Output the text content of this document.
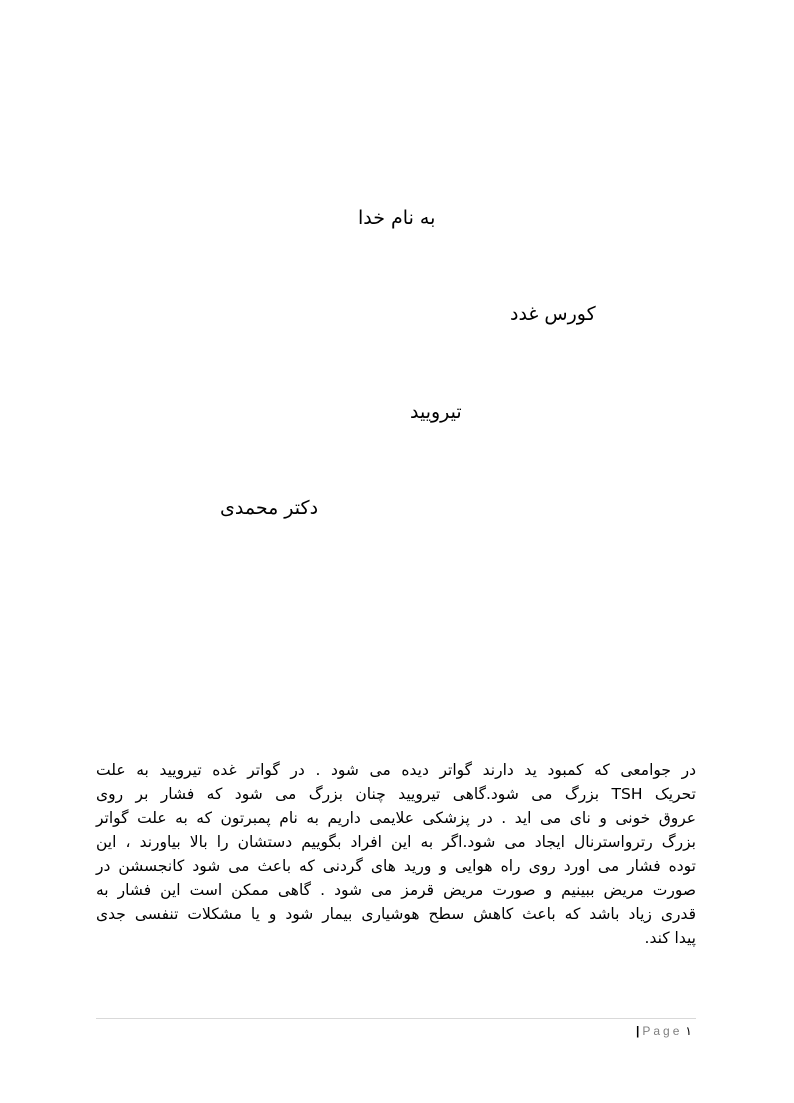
به نام خدا
کورس غدد
تیرویید
دکتر محمدی
در جوامعی که کمبود ید دارند گواتر دیده می شود . در گواتر غده تیرویید به علت
تحریک TSH بزرگ می شود.گاهی تیرویید چنان بزرگ می شود که فشار بر روی
عروق خونی و نای می اید . در پزشکی علایمی داریم به نام پمبرتون که به علت گواتر
بزرگ رترواسترنال ایجاد می شود.اگر به این افراد بگوییم دستشان را بالا بیاورند ، این
توده فشار می اورد روی راه هوایی و ورید های گردنی که باعث می شود کانجسشن در
صورت مریض ببینیم و صورت مریض قرمز می شود . گاهی ممکن است این فشار به
قدری زیاد باشد که باعث کاهش سطح هوشیاری بیمار شود و یا مشکلات تنفسی جدی
پیدا کند.
| Page ۱
